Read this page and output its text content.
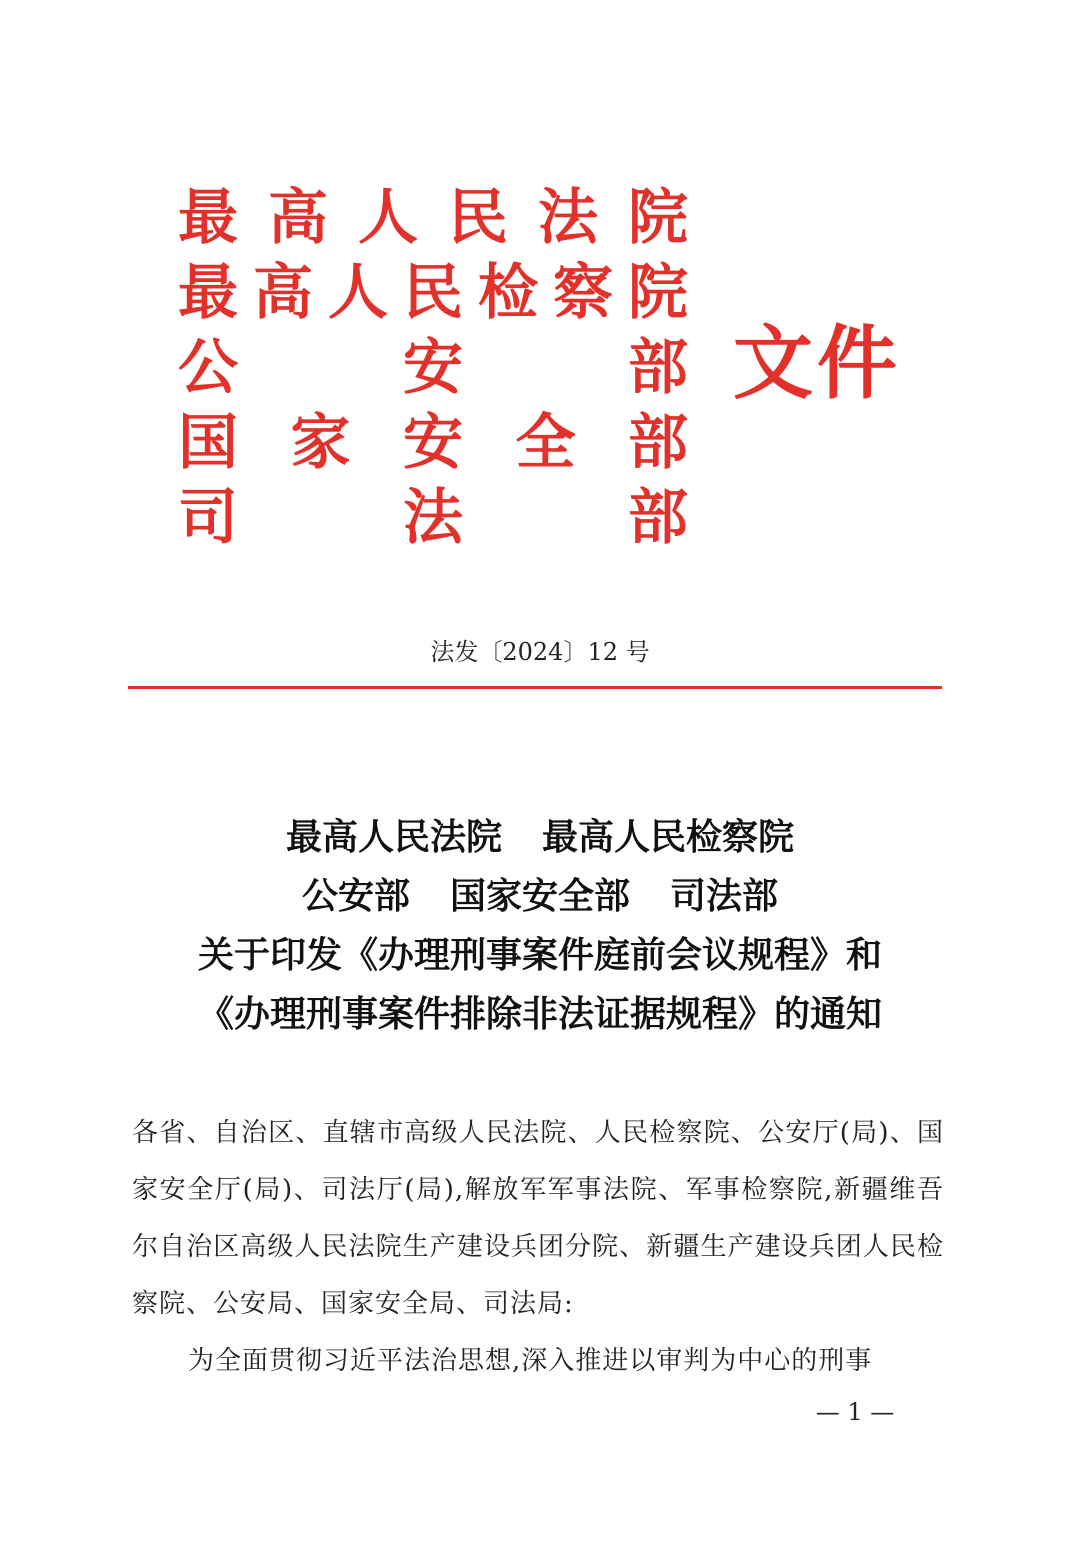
最 高 人 民 法 院
最 高 人 民 检 察 院
公	安	部
国 家 安 全 部
司	法	部
文件
法发〔2024〕12 号
最高人民法院 最高人民检察院
公安部 国家安全部 司法部
关于印发《办理刑事案件庭前会议规程》和
《办理刑事案件排除非法证据规程》的通知

各省、自治区、直辖市高级人民法院、人民检察院、公安厅(局)、国家安全厅(局)、司法厅(局),解放军军事法院、军事检察院,新疆维吾尔自治区高级人民法院生产建设兵团分院、新疆生产建设兵团人民检察院、公安局、国家安全局、司法局:

为全面贯彻习近平法治思想,深入推进以审判为中心的刑事

— 1 —
